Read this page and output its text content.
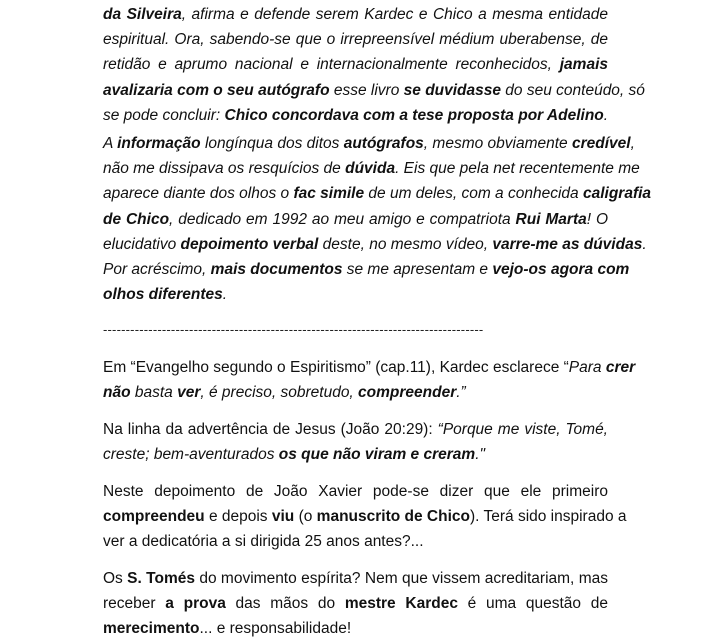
da Silveira, afirma e defende serem Kardec e Chico a mesma entidade
espiritual. Ora, sabendo-se que o irrepreensível médium uberabense, de
retidão e aprumo nacional e internacionalmente reconhecidos, jamais
avalizaria com o seu autógrafo esse livro se duvidasse do seu conteúdo, só
se pode concluir: Chico concordava com a tese proposta por Adelino.
A informação longínqua dos ditos autógrafos, mesmo obviamente credível,
não me dissipava os resquícios de dúvida. Eis que pela net recentemente me
aparece diante dos olhos o fac simile de um deles, com a conhecida caligrafia
de Chico, dedicado em 1992 ao meu amigo e compatriota Rui Marta! O
elucidativo depoimento verbal deste, no mesmo vídeo, varre-me as dúvidas.
Por acréscimo, mais documentos se me apresentam e vejo-os agora com
olhos diferentes.
------------------------------------------------------------------------------------
Em “Evangelho segundo o Espiritismo” (cap.11), Kardec esclarece “Para crer
não basta ver, é preciso, sobretudo, compreender.”
Na linha da advertência de Jesus (João 20:29): “Porque me viste, Tomé,
creste; bem-aventurados os que não viram e creram."
Neste depoimento de João Xavier pode-se dizer que ele primeiro
compreendeu e depois viu (o manuscrito de Chico). Terá sido inspirado a
ver a dedicatória a si dirigida 25 anos antes?...
Os S. Tomés do movimento espírita? Nem que vissem acreditariam, mas
receber a prova das mãos do mestre Kardec é uma questão de
merecimento... e responsabilidade!
